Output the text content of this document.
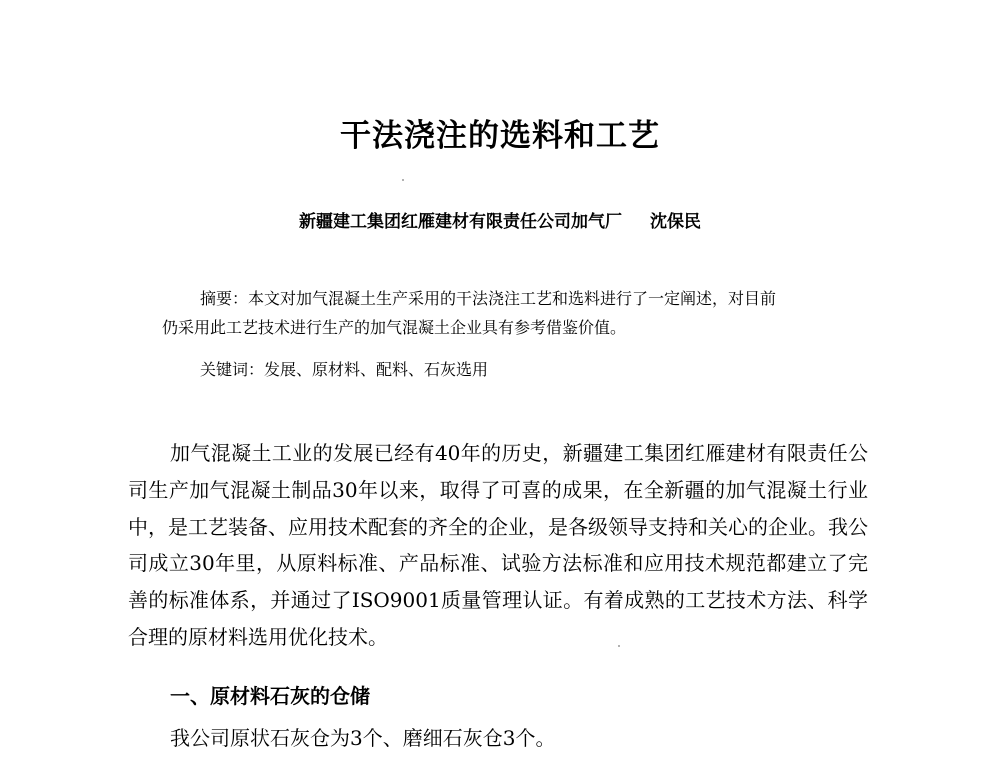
干法浇注的选料和工艺
新疆建工集团红雁建材有限责任公司加气厂 沈保民
摘要：本文对加气混凝土生产采用的干法浇注工艺和选料进行了一定阐述，对目前
仍采用此工艺技术进行生产的加气混凝土企业具有参考借鉴价值。
关键词：发展、原材料、配料、石灰选用

加气混凝土工业的发展已经有40年的历史，新疆建工集团红雁建材有限责任公司生产加气混凝土制品30年以来，取得了可喜的成果，在全新疆的加气混凝土行业中，是工艺装备、应用技术配套的齐全的企业，是各级领导支持和关心的企业。我公司成立30年里，从原料标准、产品标准、试验方法标准和应用技术规范都建立了完善的标准体系，并通过了ISO9001质量管理认证。有着成熟的工艺技术方法、科学合理的原材料选用优化技术。

一、原材料石灰的仓储
我公司原状石灰仓为3个、磨细石灰仓3个。
